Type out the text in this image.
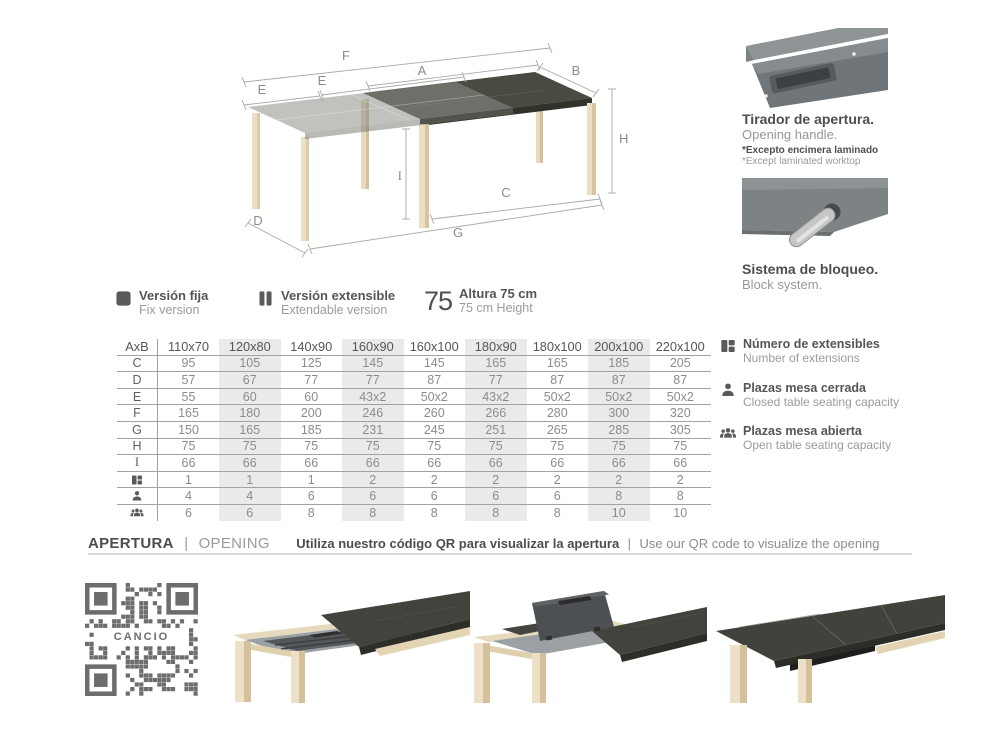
F
A	B
E
E
H
I
C
G
D
Tirador de apertura.
Opening handle.
*Excepto encimera laminado
*Except laminated worktop
Sistema de bloqueo.
Block system.
Versión fija
Fix version
Versión extensible
Extendable version 75 Altura 75 cm
75 cm Height
AxB	110x70	120x80	140x90	160x90	160x100	180x90	180x100	200x100	220x100
C	95	105	125	145	145	165	165	185	205
D	57	67	77	77	87	77	87	87	87
E	55	60	60	43x2	50x2	43x2	50x2	50x2	50x2
F	165	180	200	246	260	266	280	300	320
G	150	165	185	231	245	251	265	285	305
H	75	75	75	75	75	75	75	75	75
I	66	66	66	66	66	66	66	66	66
	1	1	1	2	2	2	2	2	2
	4	4	6	6	6	6	6	8	8
	6	6	8	8	8	8	8	10	10
Número de extensibles
Number of extensions
Plazas mesa cerrada
Closed table seating capacity
Plazas mesa abierta
Open table seating capacity
APERTURA | OPENING Utiliza nuestro código QR para visualizar la apertura | Use our QR code to visualize the opening
CANCIO
